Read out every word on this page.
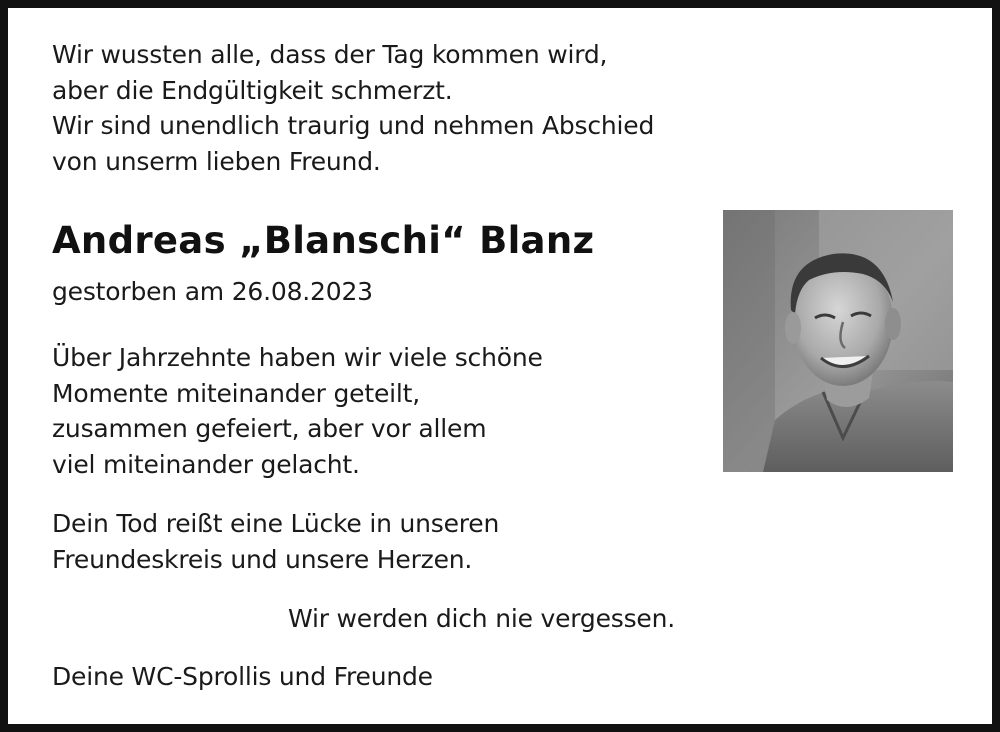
Wir wussten alle, dass der Tag kommen wird,
aber die Endgültigkeit schmerzt.
Wir sind unendlich traurig und nehmen Abschied
von unserm lieben Freund.
Andreas „Blanschi“ Blanz
gestorben am 26.08.2023
Über Jahrzehnte haben wir viele schöne
Momente miteinander geteilt,
zusammen gefeiert, aber vor allem
viel miteinander gelacht.
Dein Tod reißt eine Lücke in unseren
Freundeskreis und unsere Herzen.
Wir werden dich nie vergessen.
Deine WC-Sprollis und Freunde
